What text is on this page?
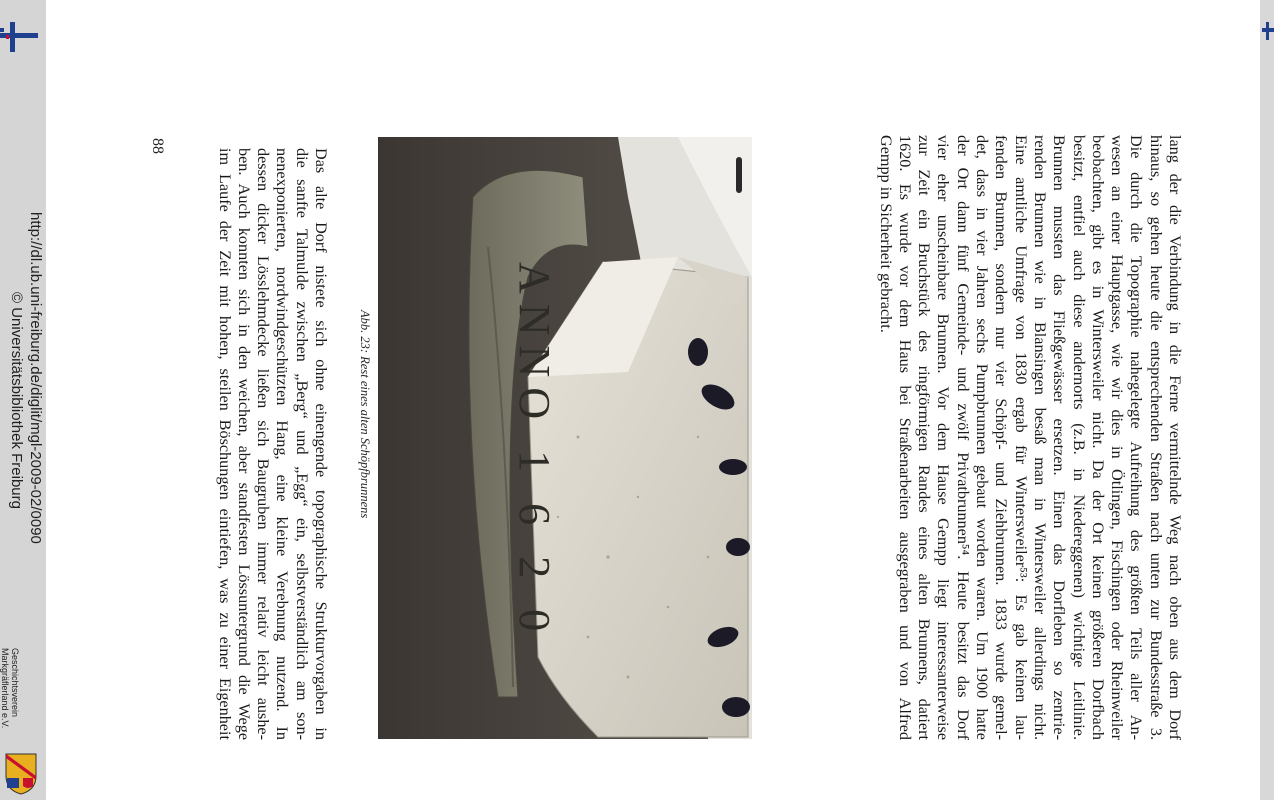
http://dl.ub.uni-freiburg.de/diglit/mgl-2009-02/0090
© Universitätsbibliothek Freiburg
Geschichtsverein
Markgräflerland e.V.
ANNO 1 6 2 0	lang der die Verbindung in die Ferne vermittelnde Weg nach oben aus dem Dorf
hinaus, so gehen heute die entsprechenden Straßen nach unten zur Bundesstraße 3.
Die durch die Topographie nahegelegte Aufreihung des größten Teils aller An-
wesen an einer Hauptgasse, wie wir dies in Ötlingen, Fischingen oder Rheinweiler
beobachten, gibt es in Wintersweiler nicht. Da der Ort keinen größeren Dorfbach
besitzt, entfiel auch diese andernorts (z.B. in Niedereggenen) wichtige Leitlinie.
Brunnen mussten das Fließgewässer ersetzen. Einen das Dorfleben so zentrie-
renden Brunnen wie in Blansingen besaß man in Wintersweiler allerdings nicht.
Eine amtliche Umfrage von 1830 ergab für Wintersweiler⁵³: Es gab keinen lau-
fenden Brunnen, sondern nur vier Schöpf- und Ziehbrunnen. 1833 wurde gemel-
det, dass in vier Jahren sechs Pumpbrunnen gebaut worden waren. Um 1900 hatte
der Ort dann fünf Gemeinde- und zwölf Privatbrunnen⁵⁴. Heute besitzt das Dorf
vier eher unscheinbare Brunnen. Vor dem Hause Gempp liegt interessanterweise
zur Zeit ein Bruchstück des ringförmigen Randes eines alten Brunnens, datiert
1620. Es wurde vor dem Haus bei Straßenarbeiten ausgegraben und von Alfred
Gempp in Sicherheit gebracht.
Abb. 23: Rest eines alten Schöpfbrunnens
Das alte Dorf nistete sich ohne einengende topographische Strukturvorgaben in
die sanfte Talmulde zwischen „Berg“ und „Egg“ ein, selbstverständlich am son-
nenexponierten, nordwindgeschützten Hang, eine kleine Verebnung nutzend. In
dessen dicker Lösslehmdecke ließen sich Baugruben immer relativ leicht aushe-
ben. Auch konnten sich in den weichen, aber standfesten Lössuntergrund die Wege
im Laufe der Zeit mit hohen, steilen Böschungen eintiefen, was zu einer Eigenheit
88
